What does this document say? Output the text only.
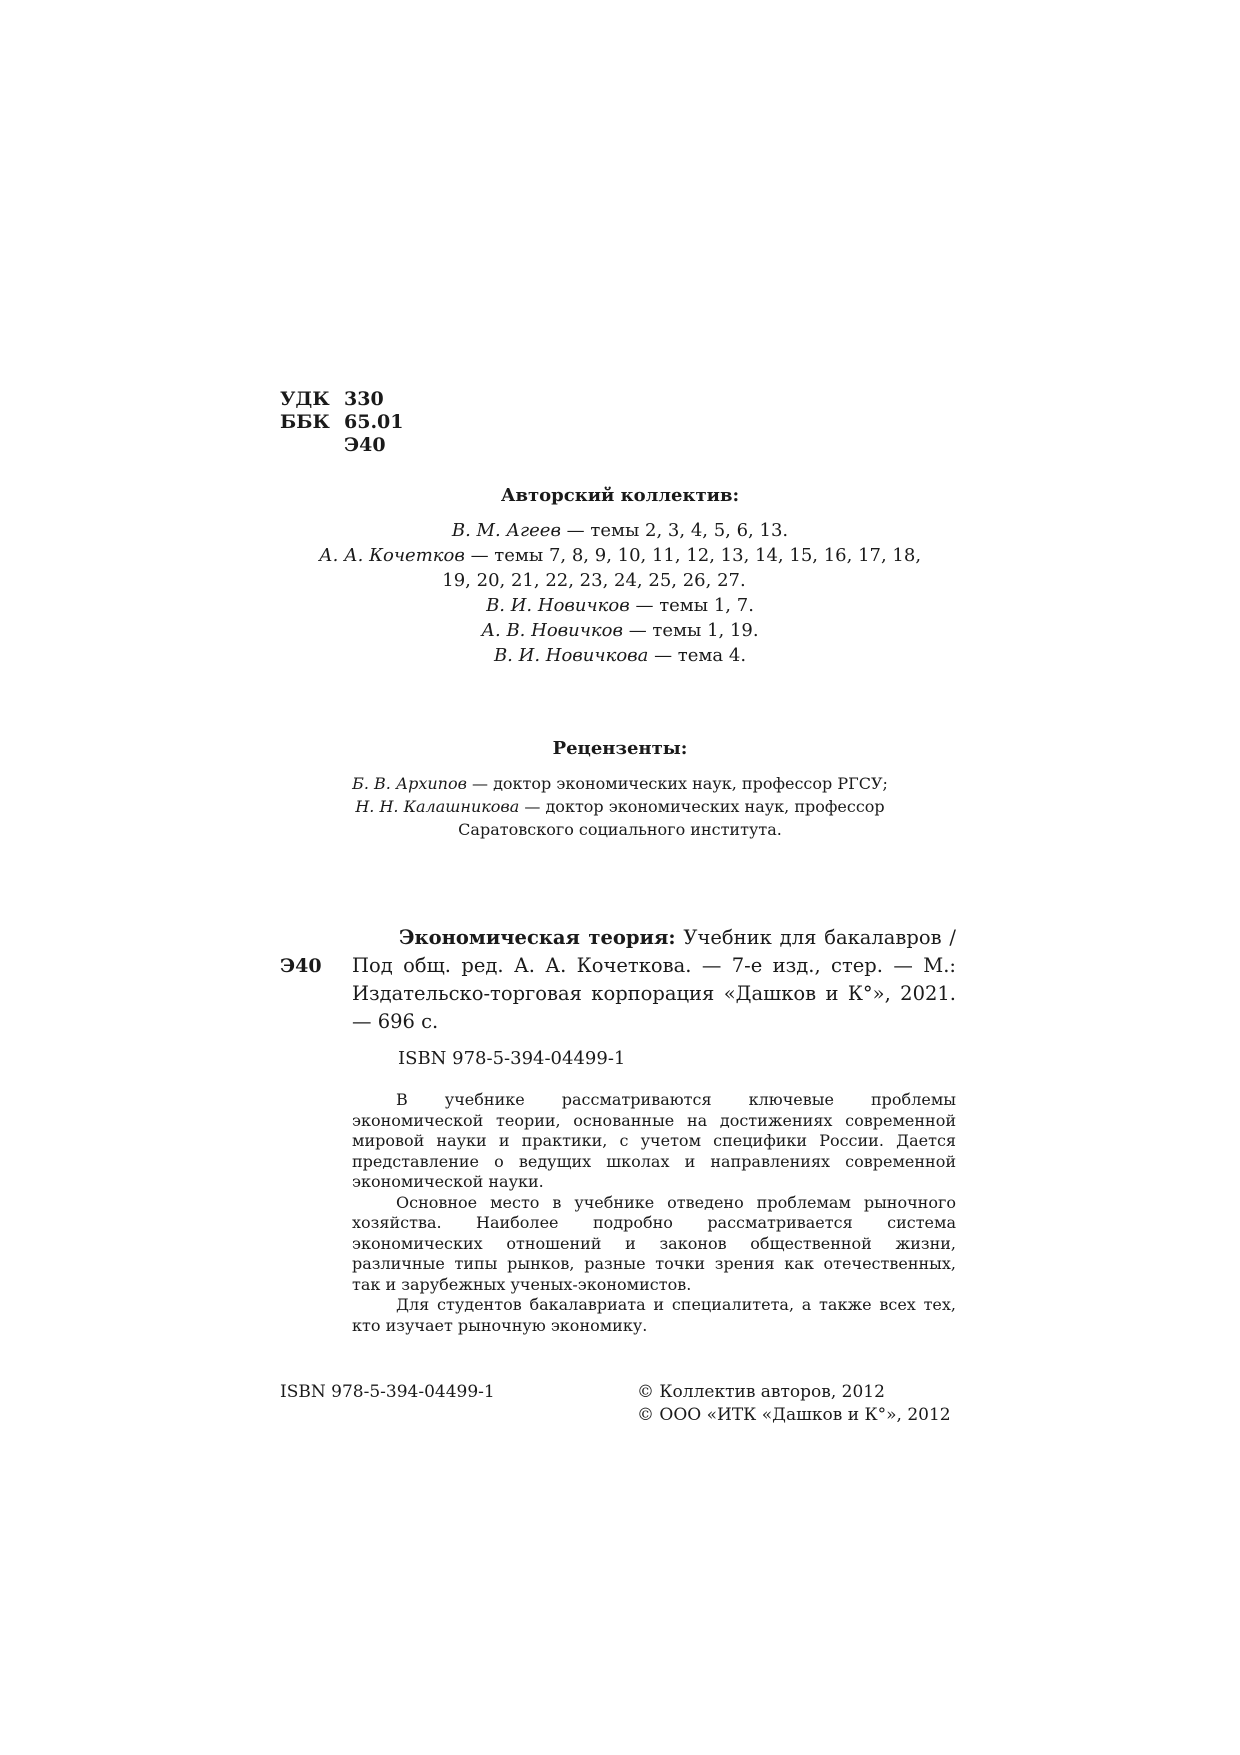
УДК 330
ББК 65.01
Э40
Авторский коллектив:
В. М. Агеев — темы 2, 3, 4, 5, 6, 13.
А. А. Кочетков — темы 7, 8, 9, 10, 11, 12, 13, 14, 15, 16, 17, 18,
19, 20, 21, 22, 23, 24, 25, 26, 27.
В. И. Новичков — темы 1, 7.
А. В. Новичков — темы 1, 19.
В. И. Новичкова — тема 4.
Рецензенты:
Б. В. Архипов — доктор экономических наук, профессор РГСУ;
Н. Н. Калашникова — доктор экономических наук, профессор
Саратовского социального института.
Э40
Экономическая теория: Учебник для бакалавров / Под общ. ред. А. А. Кочеткова. — 7-е изд., стер. — М.: Издательско-торговая корпорация «Дашков и К°», 2021. — 696 с.
ISBN 978-5-394-04499-1

В учебнике рассматриваются ключевые проблемы экономической теории, основанные на достижениях современной мировой науки и практики, с учетом специфики России. Дается представление о ведущих школах и направлениях современной экономической науки.

Основное место в учебнике отведено проблемам рыночного хозяйства. Наиболее подробно рассматривается система экономических отношений и законов общественной жизни, различные типы рынков, разные точки зрения как отечественных, так и зарубежных ученых-экономистов.

Для студентов бакалавриата и специалитета, а также всех тех, кто изучает рыночную экономику.

ISBN 978-5-394-04499-1	© Коллектив авторов, 2012
© ООО «ИТК «Дашков и К°», 2012
